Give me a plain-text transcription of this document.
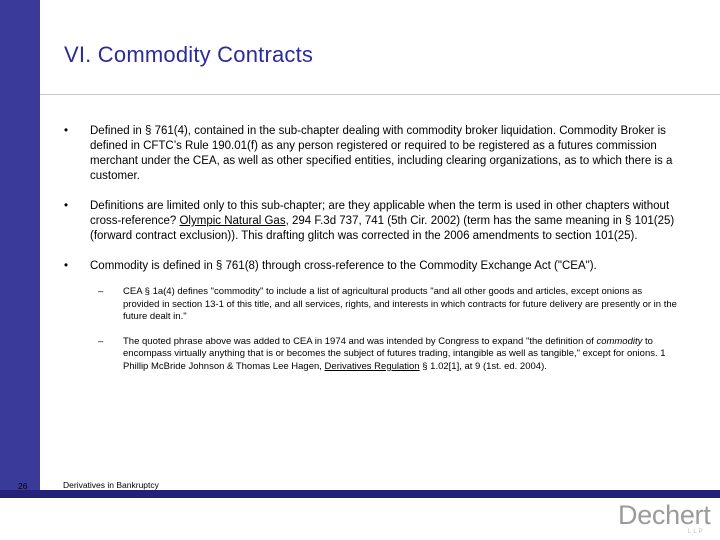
VI. Commodity Contracts
• Defined in § 761(4), contained in the sub-chapter dealing with commodity broker liquidation. Commodity Broker is defined in CFTC’s Rule 190.01(f) as any person registered or required to be registered as a futures commission merchant under the CEA, as well as other specified entities, including clearing organizations, as to which there is a customer.
• Definitions are limited only to this sub-chapter; are they applicable when the term is used in other chapters without cross-reference? Olympic Natural Gas, 294 F.3d 737, 741 (5th Cir. 2002) (term has the same meaning in § 101(25) (forward contract exclusion)). This drafting glitch was corrected in the 2006 amendments to section 101(25).
• Commodity is defined in § 761(8) through cross-reference to the Commodity Exchange Act ("CEA").
– CEA § 1a(4) defines "commodity" to include a list of agricultural products "and all other goods and articles, except onions as provided in section 13-1 of this title, and all services, rights, and interests in which contracts for future delivery are presently or in the future dealt in."
– The quoted phrase above was added to CEA in 1974 and was intended by Congress to expand "the definition of commodity to encompass virtually anything that is or becomes the subject of futures trading, intangible as well as tangible," except for onions. 1 Phillip McBride Johnson & Thomas Lee Hagen, Derivatives Regulation § 1.02[1], at 9 (1st. ed. 2004).
26	Derivatives in Bankruptcy
Dechert
LLP
